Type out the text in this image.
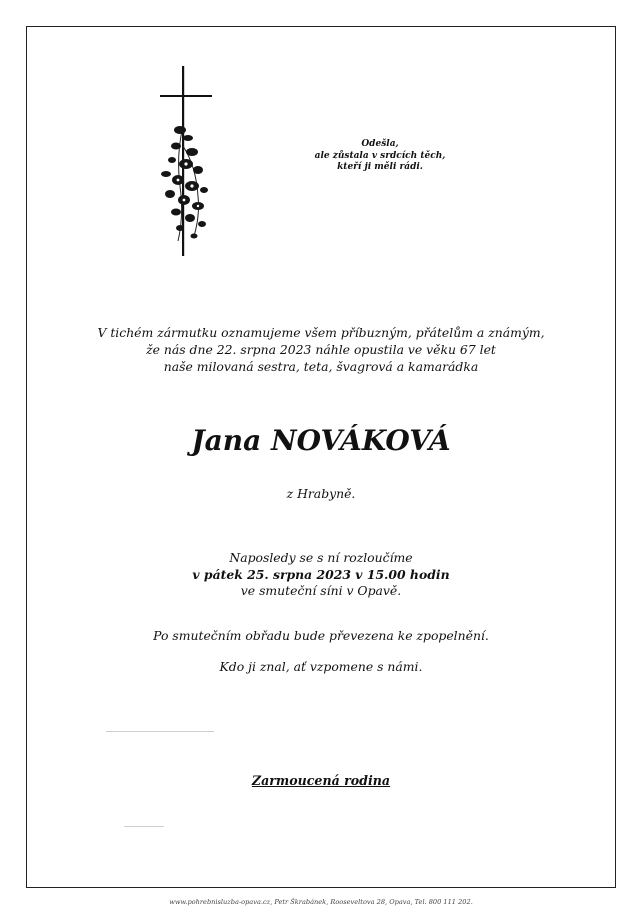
Odešla,
ale zůstala v srdcích těch,
kteří ji měli rádi.
V tichém zármutku oznamujeme všem příbuzným, přátelům a známým,
že nás dne 22. srpna 2023 náhle opustila ve věku 67 let
naše milovaná sestra, teta, švagrová a kamarádka
Jana NOVÁKOVÁ
z Hrabyně.
Naposledy se s ní rozloučíme
v pátek 25. srpna 2023 v 15.00 hodin
ve smuteční síni v Opavě.
Po smutečním obřadu bude převezena ke zpopelnění.
Kdo ji znal, ať vzpomene s námi.
Zarmoucená rodina
www.pohrebnisluzba-opava.cz, Petr Škrabánek, Rooseveltova 28, Opava, Tel. 800 111 202.
